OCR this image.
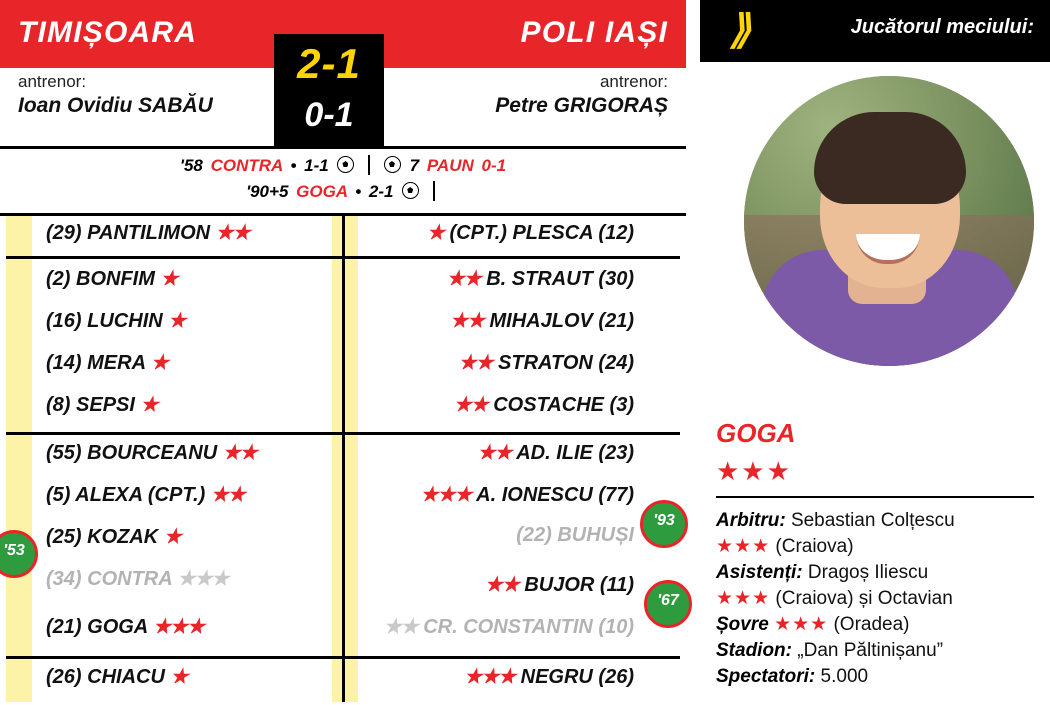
TIMIȘOARA	POLI IAȘI
2-1
0-1
antrenor:
Ioan Ovidiu SABĂU
antrenor:
Petre GRIGORAȘ
'58 CONTRA • 1-1	7 PAUN 0-1
'90+5 GOGA • 2-1
(29) PANTILIMON ★★
(2) BONFIM ★
(16) LUCHIN ★
(14) MERA ★
(8) SEPSI ★
(55) BOURCEANU ★★
(5) ALEXA (CPT.) ★★
(25) KOZAK ★
(34) CONTRA ★★★
(21) GOGA ★★★
(26) CHIACU ★
★ (CPT.) PLESCA (12)
★★ B. STRAUT (30)
★★ MIHAJLOV (21)
★★ STRATON (24)
★★ COSTACHE (3)
★★ AD. ILIE (23)
★★★ A. IONESCU (77)
(22) BUHUȘI
★★ BUJOR (11)
★★ CR. CONSTANTIN (10)
★★★ NEGRU (26)
'53
'93
'67
⟫	Jucătorul meciului:
GOGA
★★★
Arbitru: Sebastian Colțescu
★★★ (Craiova)
Asistenți: Dragoș Iliescu
★★★ (Craiova) și Octavian
Șovre ★★★ (Oradea)
Stadion: „Dan Păltinișanu”
Spectatori: 5.000
